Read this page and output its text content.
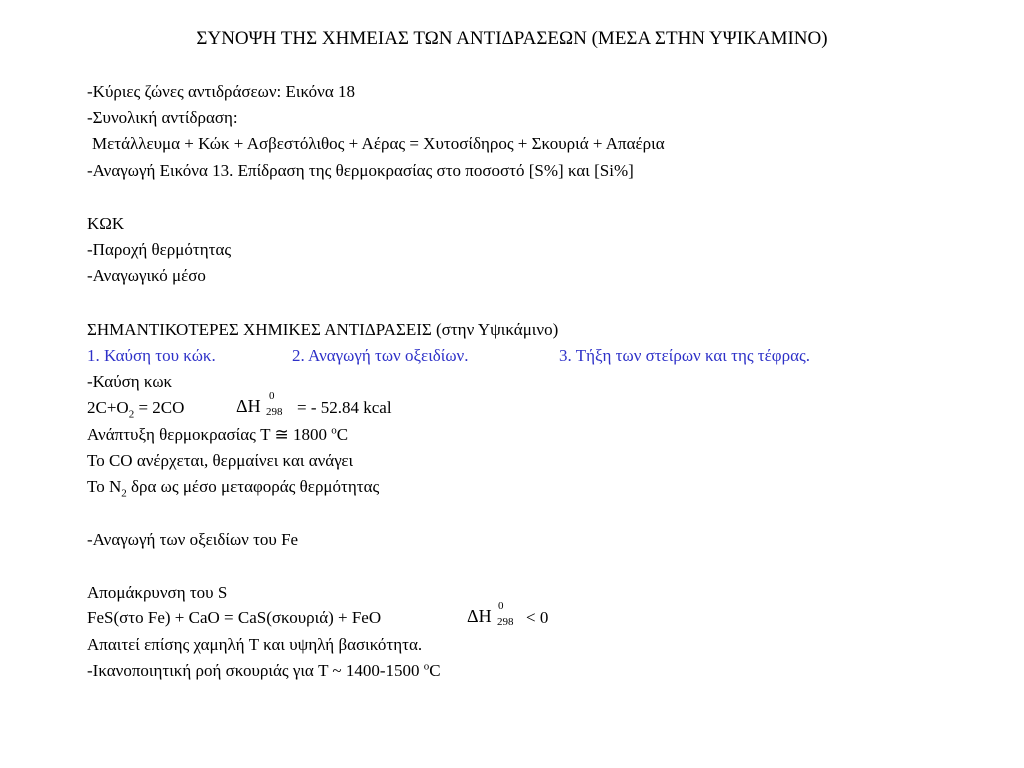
ΣΥΝΟΨΗ ΤΗΣ ΧΗΜΕΙΑΣ ΤΩΝ ΑΝΤΙΔΡΑΣΕΩΝ (ΜΕΣΑ ΣΤΗΝ ΥΨΙΚΑΜΙΝΟ)
-Κύριες ζώνες αντιδράσεων: Εικόνα 18
-Συνολική αντίδραση:
Μετάλλευμα + Κώκ + Ασβεστόλιθος + Αέρας = Χυτοσίδηρος + Σκουριά + Απαέρια
-Αναγωγή Εικόνα 13. Επίδραση της θερμοκρασίας στο ποσοστό [S%] και [Si%]
ΚΩΚ
-Παροχή θερμότητας
-Αναγωγικό μέσο
ΣΗΜΑΝΤΙΚΟΤΕΡΕΣ ΧΗΜΙΚΕΣ ΑΝΤΙΔΡΑΣΕΙΣ (στην Υψικάμινο)
1. Καύση του κώκ.	2. Αναγωγή των οξειδίων.	3. Τήξη των στείρων και της τέφρας.
-Καύση κωκ
$2C+O_2 = 2CO$	ΔH 0
298 = - 52.84 kcal
Ανάπτυξη θερμοκρασίας T ≅ 1800 $^o$C
Το CO ανέρχεται, θερμαίνει και ανάγει
Το $N_2$ δρα ως μέσο μεταφοράς θερμότητας
-Αναγωγή των οξειδίων του Fe
Απομάκρυνση του S
FeS(στο Fe) + CaO = CaS(σκουριά) + FeO	ΔH 0
298 < 0
Απαιτεί επίσης χαμηλή T και υψηλή βασικότητα.
-Ικανοποιητική ροή σκουριάς για T ~ 1400-1500 $^o$C
